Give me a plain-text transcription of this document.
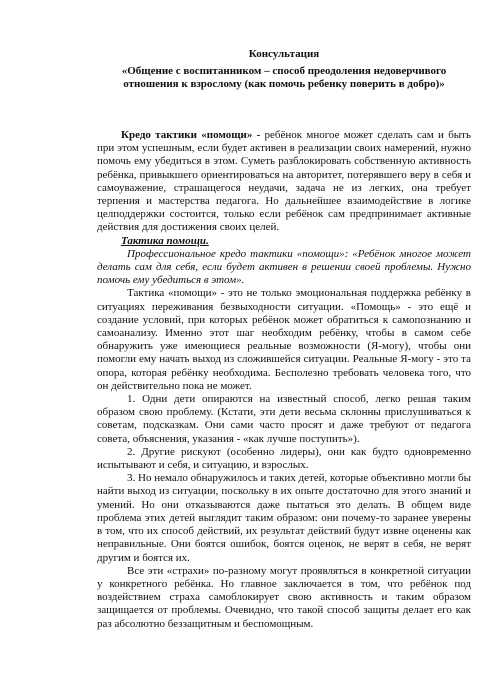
Консультация

«Общение с воспитанником – способ преодоления недоверчивого

отношения к взрослому (как помочь ребенку поверить в добро)»

Кредо тактики «помощи» - ребёнок многое может сделать сам и быть при этом успешным, если будет активен в реализации своих намерений, нужно помочь ему убедиться в этом. Суметь разблокировать собственную активность ребёнка, привыкшего ориентироваться на авторитет, потерявшего веру в себя и самоуважение, страшащегося неудачи, задача не из легких, она требует терпения и мастерства педагога. Но дальнейшее взаимодействие в логике целподдержки состоится, только если ребёнок сам предпринимает активные действия для достижения своих целей.

Тактика помощи.

Профессиональное кредо тактики «помощи»: «Ребёнок многое может делать сам для себя, если будет активен в решении своей проблемы. Нужно помочь ему убедиться в этом».

Тактика «помощи» - это не только эмоциональная поддержка ребёнку в ситуациях переживания безвыходности ситуации. «Помощь» - это ещё и создание условий, при которых ребёнок может обратиться к самопознанию и самоанализу. Именно этот шаг необходим ребёнку, чтобы в самом себе обнаружить уже имеющиеся реальные возможности (Я-могу), чтобы они помогли ему начать выход из сложившейся ситуации. Реальные Я-могу - это та опора, которая ребёнку необходима. Бесполезно требовать человека того, что он действительно пока не может.

1. Одни дети опираются на известный способ, легко решая таким образом свою проблему. (Кстати, эти дети весьма склонны прислушиваться к советам, подсказкам. Они сами часто просят и даже требуют от педагога совета, объяснения, указания - «как лучше поступить»).

2. Другие рискуют (особенно лидеры), они как будто одновременно испытывают и себя, и ситуацию, и взрослых.

3. Но немало обнаружилось и таких детей, которые объективно могли бы найти выход из ситуации, поскольку в их опыте достаточно для этого знаний и умений. Но они отказываются даже пытаться это делать. В общем виде проблема этих детей выглядит таким образом: они почему-то заранее уверены в том, что их способ действий, их результат действий будут извне оценены как неправильные. Они боятся ошибок, боятся оценок, не верят в себя, не верят другим и боятся их.

Все эти «страхи» по-разному могут проявляться в конкретной ситуации у конкретного ребёнка. Но главное заключается в том, что ребёнок под воздействием страха самоблокирует свою активность и таким образом защищается от проблемы. Очевидно, что такой способ защиты делает его как раз абсолютно беззащитным и беспомощным.
